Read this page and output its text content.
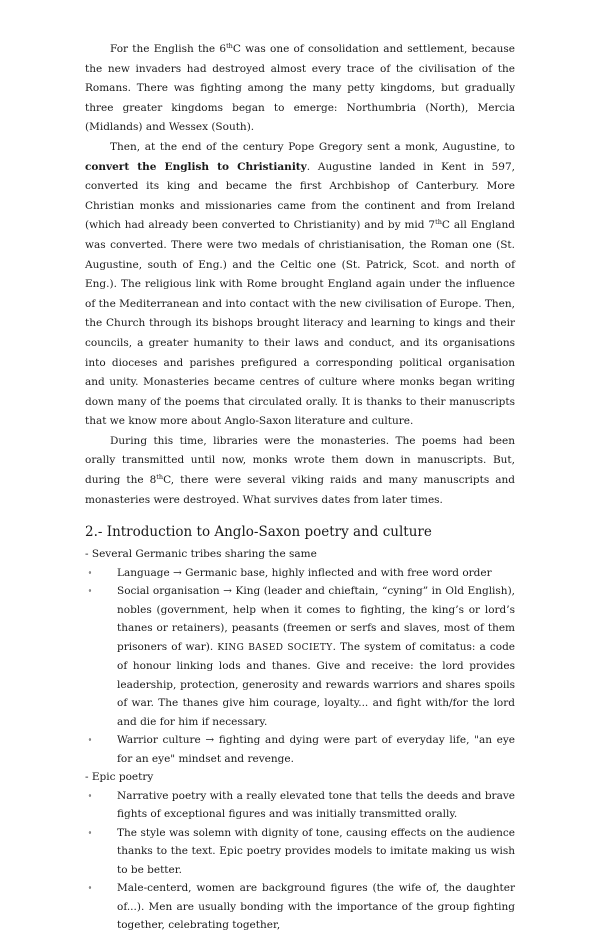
For the English the 6thC was one of consolidation and settlement, because the new invaders had destroyed almost every trace of the civilisation of the Romans. There was fighting among the many petty kingdoms, but gradually three greater kingdoms began to emerge: Northumbria (North), Mercia (Midlands) and Wessex (South).

Then, at the end of the century Pope Gregory sent a monk, Augustine, to convert the English to Christianity. Augustine landed in Kent in 597, converted its king and became the first Archbishop of Canterbury. More Christian monks and missionaries came from the continent and from Ireland (which had already been converted to Christianity) and by mid 7thC all England was converted. There were two medals of christianisation, the Roman one (St. Augustine, south of Eng.) and the Celtic one (St. Patrick, Scot. and north of Eng.). The religious link with Rome brought England again under the influence of the Mediterranean and into contact with the new civilisation of Europe. Then, the Church through its bishops brought literacy and learning to kings and their councils, a greater humanity to their laws and conduct, and its organisations into dioceses and parishes prefigured a corresponding political organisation and unity. Monasteries became centres of culture where monks began writing down many of the poems that circulated orally. It is thanks to their manuscripts that we know more about Anglo-Saxon literature and culture.

During this time, libraries were the monasteries. The poems had been orally transmitted until now, monks wrote them down in manuscripts. But, during the 8thC, there were several viking raids and many manuscripts and monasteries were destroyed. What survives dates from later times.

2.- Introduction to Anglo-Saxon poetry and culture

- Several Germanic tribes sharing the same

∘ Language → Germanic base, highly inflected and with free word order
∘ Social organisation → King (leader and chieftain, “cyning” in Old English), nobles (government, help when it comes to fighting, the king’s or lord’s thanes or retainers), peasants (freemen or serfs and slaves, most of them prisoners of war). KING BASED SOCIETY. The system of comitatus: a code of honour linking lods and thanes. Give and receive: the lord provides leadership, protection, generosity and rewards warriors and shares spoils of war. The thanes give him courage, loyalty... and fight with/for the lord and die for him if necessary.
∘ Warrior culture → fighting and dying were part of everyday life, "an eye for an eye" mindset and revenge.

- Epic poetry

∘ Narrative poetry with a really elevated tone that tells the deeds and brave fights of exceptional figures and was initially transmitted orally.
∘ The style was solemn with dignity of tone, causing effects on the audience thanks to the text. Epic poetry provides models to imitate making us wish to be better.
∘ Male-centerd, women are background figures (the wife of, the daughter of...). Men are usually bonding with the importance of the group fighting together, celebrating together,
